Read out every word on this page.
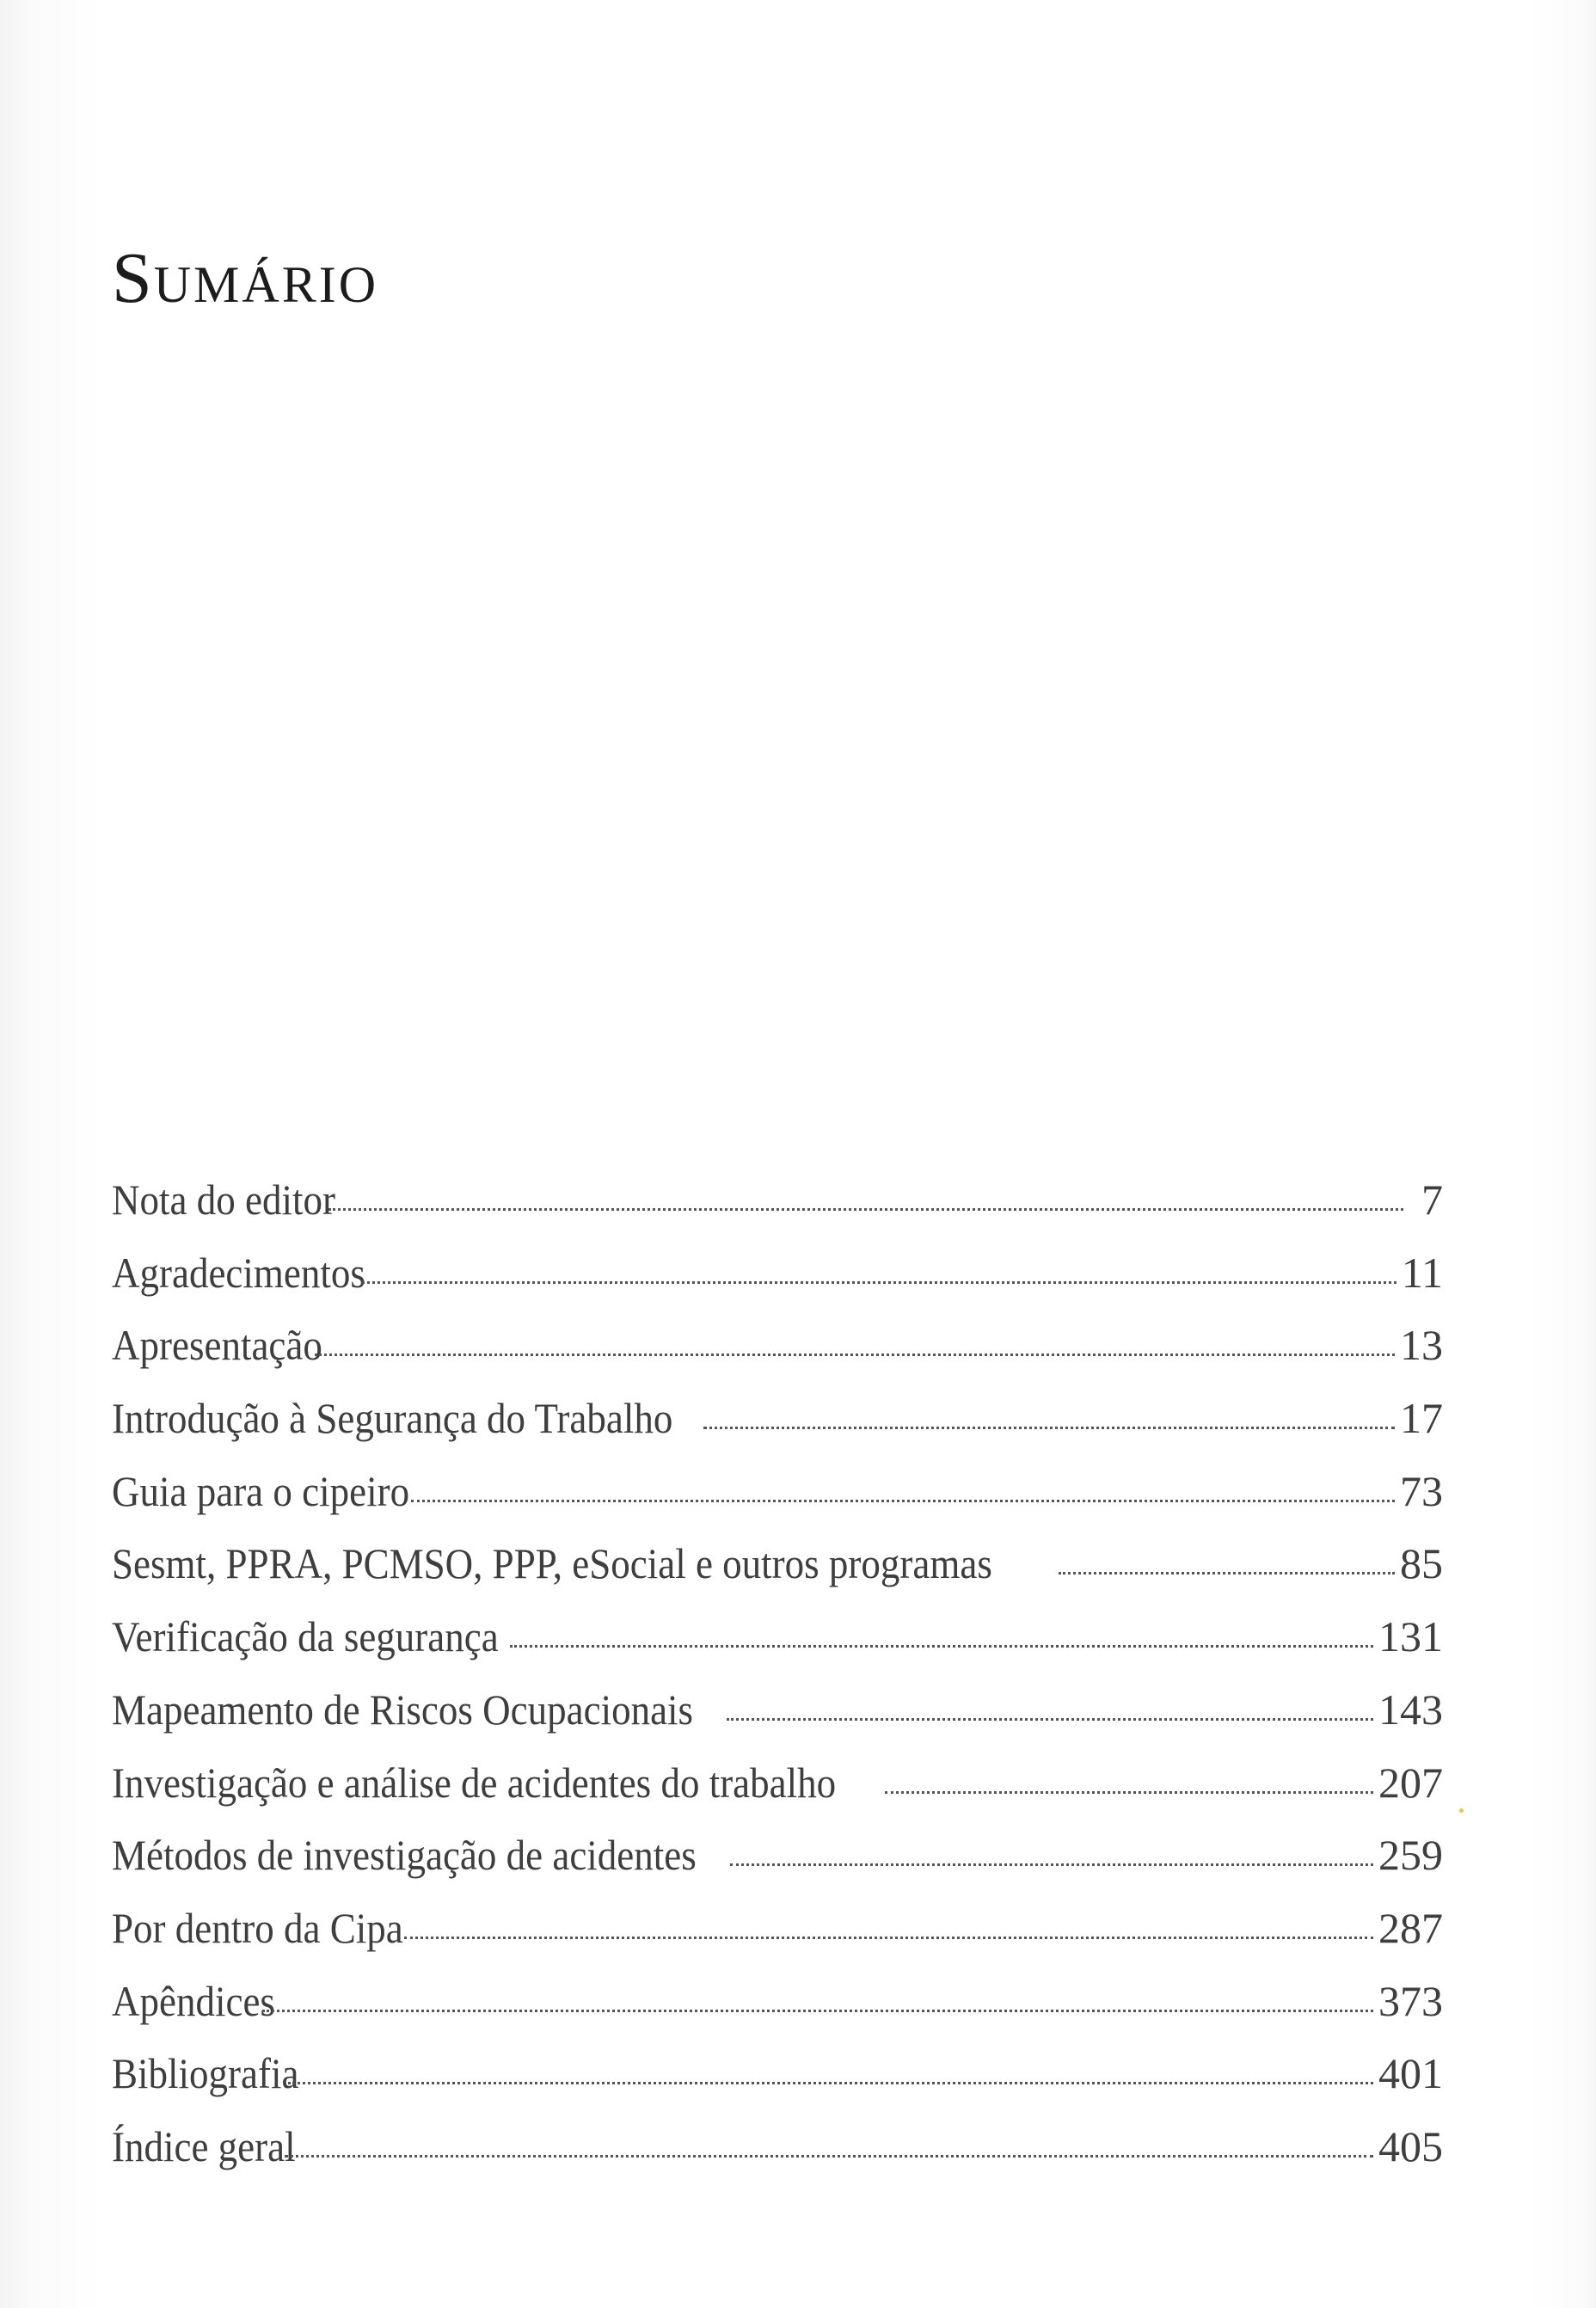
SUMÁRIO
Nota do editor	7
Agradecimentos	11
Apresentação	13
Introdução à Segurança do Trabalho	17
Guia para o cipeiro	73
Sesmt, PPRA, PCMSO, PPP, eSocial e outros programas	85
Verificação da segurança	131
Mapeamento de Riscos Ocupacionais	143
Investigação e análise de acidentes do trabalho	207
Métodos de investigação de acidentes	259
Por dentro da Cipa	287
Apêndices	373
Bibliografia	401
Índice geral	405
